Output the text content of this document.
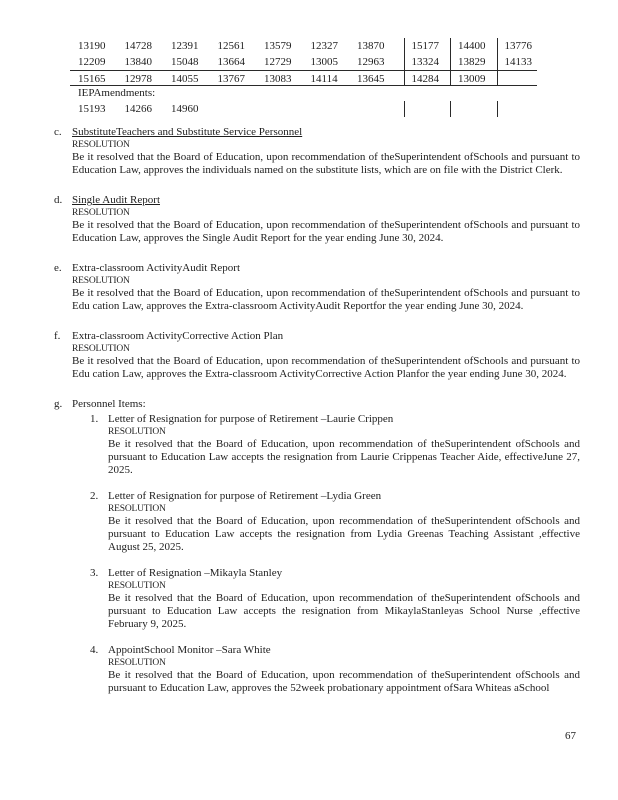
13190	14728	12391	12561	13579	12327	13870	15177	14400	13776
12209	13840	15048	13664	12729	13005	12963	13324	13829	14133
15165	12978	14055	13767	13083	14114	13645	14284	13009
IEPAmendments:
15193	14266	14960
c. SubstituteTeachers and Substitute Service Personnel
RESOLUTION
Be it resolved that the Board of Education, upon recommendation of theSuperintendent ofSchools and pursuant to Education Law, approves the individuals named on the substitute lists, which are on file with the District Clerk.
d. Single Audit Report
RESOLUTION
Be it resolved that the Board of Education, upon recommendation of theSuperintendent ofSchools and pursuant to Education Law, approves the Single Audit Report for the year ending June 30, 2024.
e. Extra-classroom ActivityAudit Report
RESOLUTION
Be it resolved that the Board of Education, upon recommendation of theSuperintendent ofSchools and pursuant to Edu cation Law, approves the Extra-classroom ActivityAudit Reportfor the year ending June 30, 2024.
f.	Extra-classroom ActivityCorrective Action Plan
RESOLUTION
Be it resolved that the Board of Education, upon recommendation of theSuperintendent ofSchools and pursuant to Edu cation Law, approves the Extra-classroom ActivityCorrective Action Planfor the year ending June 30, 2024.
g. Personnel Items:
1. Letter of Resignation for purpose of Retirement –Laurie Crippen
RESOLUTION
Be it resolved that the Board of Education, upon recommendation of theSuperintendent ofSchools and pursuant to Education Law accepts the resignation from Laurie Crippenas Teacher Aide, effectiveJune 27, 2025.
2. Letter of Resignation for purpose of Retirement –Lydia Green
RESOLUTION
Be it resolved that the Board of Education, upon recommendation of theSuperintendent ofSchools and pursuant to Education Law accepts the resignation from Lydia Greenas Teaching Assistant ,effective August 25, 2025.
3. Letter of Resignation –Mikayla Stanley
RESOLUTION
Be it resolved that the Board of Education, upon recommendation of theSuperintendent ofSchools and pursuant to Education Law accepts the resignation from MikaylaStanleyas School Nurse ,effective February 9, 2025.
4. AppointSchool Monitor –Sara White
RESOLUTION
Be it resolved that the Board of Education, upon recommendation of theSuperintendent ofSchools and pursuant to Education Law, approves the 52week probationary appointment ofSara Whiteas aSchool
67
